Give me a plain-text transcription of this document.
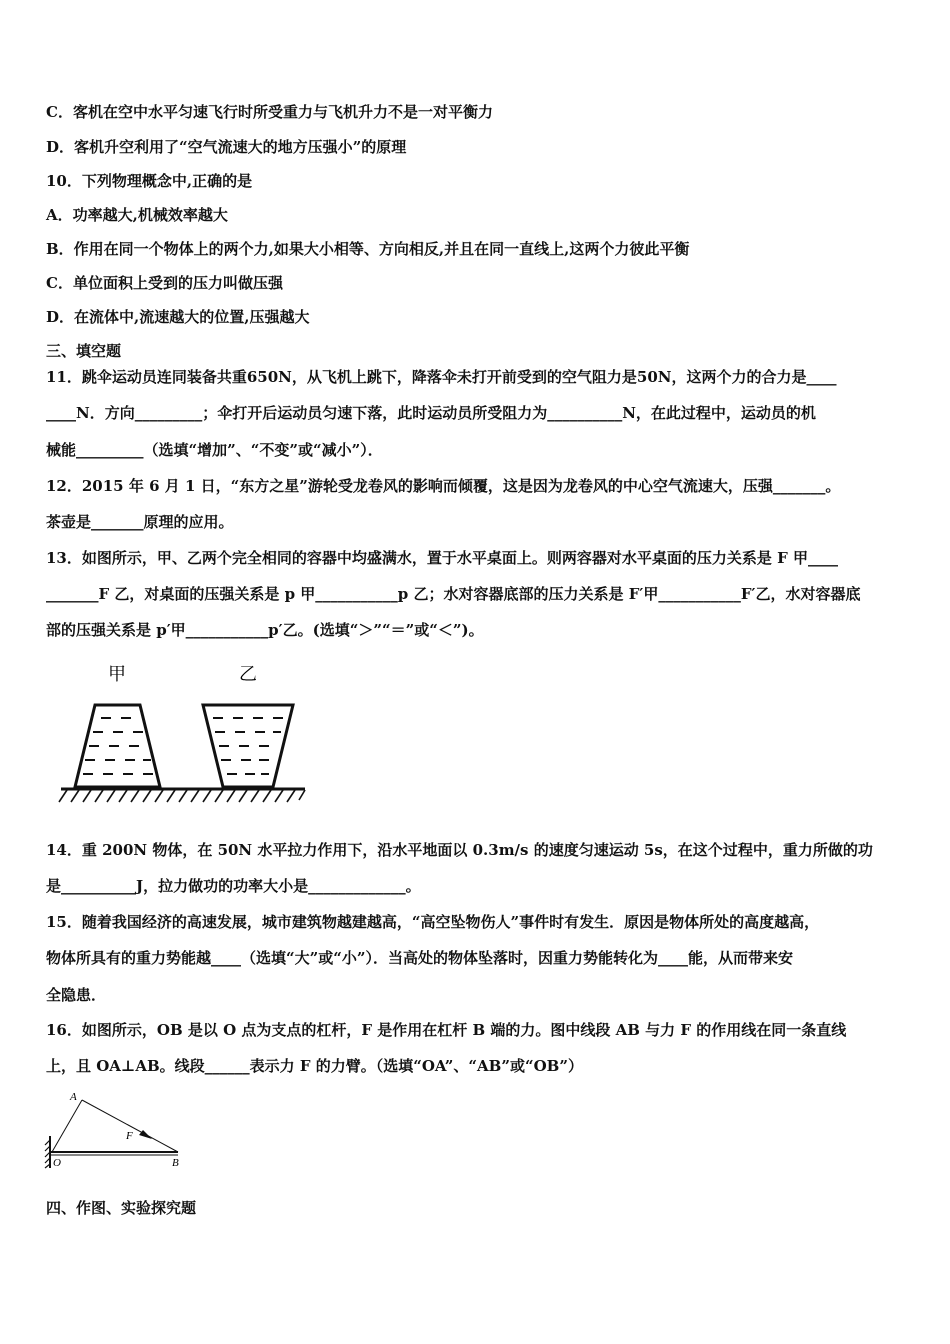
C．客机在空中水平匀速飞行时所受重力与飞机升力不是一对平衡力
D．客机升空利用了“空气流速大的地方压强小”的原理
10．下列物理概念中,正确的是
A．功率越大,机械效率越大
B．作用在同一个物体上的两个力,如果大小相等、方向相反,并且在同一直线上,这两个力彼此平衡
C．单位面积上受到的压力叫做压强
D．在流体中,流速越大的位置,压强越大
三、填空题
11．跳伞运动员连同装备共重650N，从飞机上跳下，降落伞未打开前受到的空气阻力是50N，这两个力的合力是____
____N．方向_________；伞打开后运动员匀速下落，此时运动员所受阻力为__________N，在此过程中，运动员的机
械能_________（选填“增加”、“不变”或“减小”）．
12．2015 年 6 月 1 日，“东方之星”游轮受龙卷风的影响而倾覆，这是因为龙卷风的中心空气流速大，压强_______。
茶壶是_______原理的应用。
13．如图所示，甲、乙两个完全相同的容器中均盛满水，置于水平桌面上。则两容器对水平桌面的压力关系是 F 甲____
_______F 乙，对桌面的压强关系是 p 甲___________p 乙；水对容器底部的压力关系是 F′甲___________F′乙，水对容器底
部的压强关系是 p′甲___________p′乙。(选填“＞”“＝”或“＜”)。
甲	乙
14．重 200N 物体，在 50N 水平拉力作用下，沿水平地面以 0.3m/s 的速度匀速运动 5s，在这个过程中，重力所做的功
是__________J，拉力做功的功率大小是_____________。
15．随着我国经济的高速发展，城市建筑物越建越高，“高空坠物伤人”事件时有发生．原因是物体所处的高度越高，
物体所具有的重力势能越____（选填“大”或“小”）．当高处的物体坠落时，因重力势能转化为____能，从而带来安
全隐患．
16．如图所示，OB 是以 O 点为支点的杠杆，F 是作用在杠杆 B 端的力。图中线段 AB 与力 F 的作用线在同一条直线
上，且 OA⊥AB。线段______表示力 F 的力臂。（选填“OA”、“AB”或“OB”）
A
F
O	B
四、作图、实验探究题
